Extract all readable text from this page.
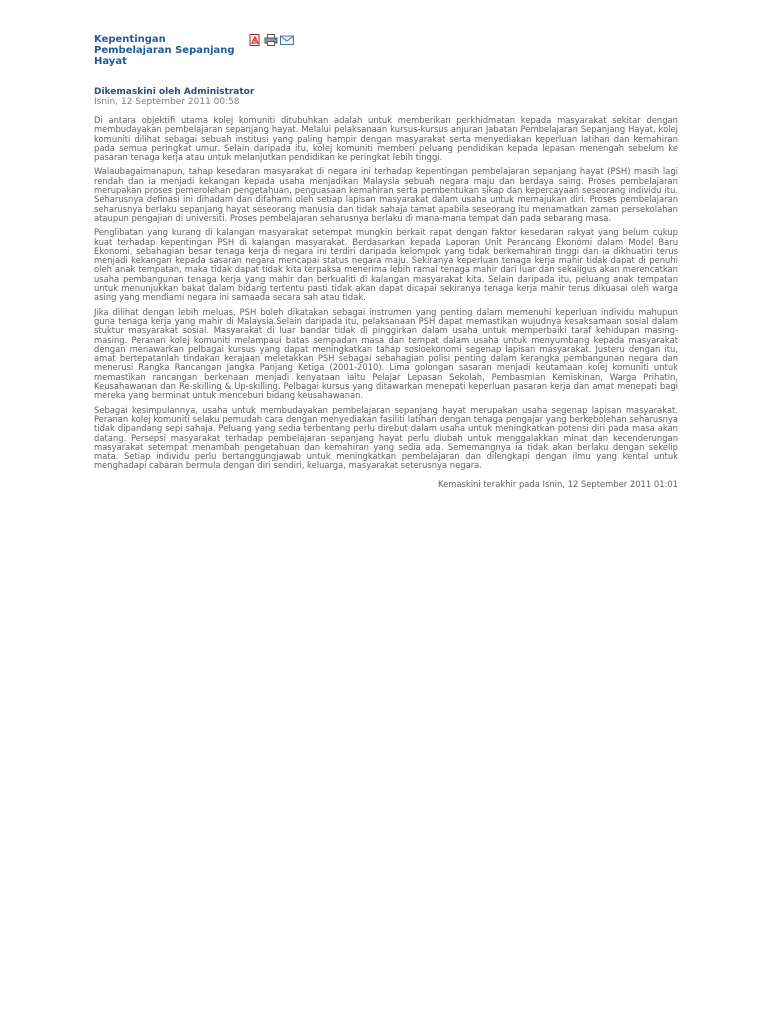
Kepentingan Pembelajaran Sepanjang Hayat
Dikemaskini oleh Administrator
Isnin, 12 September 2011 00:58

Di antara objektifi utama kolej komuniti ditubuhkan adalah untuk memberikan perkhidmatan kepada masyarakat sekitar dengan membudayakan pembelajaran sepanjang hayat. Melalui pelaksanaan kursus-kursus anjuran Jabatan Pembelajaran Sepanjang Hayat, kolej komuniti dilihat sebagai sebuah institusi yang paling hampir dengan masyarakat serta menyediakan keperluan latihan dan kemahiran pada semua peringkat umur. Selain daripada itu, kolej komuniti memberi peluang pendidikan kepada lepasan menengah sebelum ke pasaran tenaga kerja atau untuk melanjutkan pendidikan ke peringkat lebih tinggi.

Walaubagaimanapun, tahap kesedaran masyarakat di negara ini terhadap kepentingan pembelajaran sepanjang hayat (PSH) masih lagi rendah dan ia menjadi kekangan kepada usaha menjadikan Malaysia sebuah negara maju dan berdaya saing. Proses pembelajaran merupakan proses pemerolehan pengetahuan, penguasaan kemahiran serta pembentukan sikap dan kepercayaan seseorang individu itu. Seharusnya definasi ini dihadam dan difahami oleh setiap lapisan masyarakat dalam usaha untuk memajukan diri. Proses pembelajaran seharusnya berlaku sepanjang hayat seseorang manusia dan tidak sahaja tamat apabila seseorang itu menamatkan zaman persekolahan ataupun pengajian di universiti. Proses pembelajaran seharusnya berlaku di mana-mana tempat dan pada sebarang masa.

Penglibatan yang kurang di kalangan masyarakat setempat mungkin berkait rapat dengan faktor kesedaran rakyat yang belum cukup kuat terhadap kepentingan PSH di kalangan masyarakat. Berdasarkan kepada Laporan Unit Perancang Ekonomi dalam Model Baru Ekonomi, sebahagian besar tenaga kerja di negara ini terdiri daripada kelompok yang tidak berkemahiran tinggi dan ia dikhuatiri terus menjadi kekangan kepada sasaran negara mencapai status negara maju. Sekiranya keperluan tenaga kerja mahir tidak dapat di penuhi oleh anak tempatan, maka tidak dapat tidak kita terpaksa menerima lebih ramai tenaga mahir dari luar dan sekaligus akan merencatkan usaha pembangunan tenaga kerja yang mahir dan berkualiti di kalangan masyarakat kita. Selain daripada itu, peluang anak tempatan untuk menunjukkan bakat dalam bidang tertentu pasti tidak akan dapat dicapai sekiranya tenaga kerja mahir terus dikuasai oleh warga asing yang mendiami negara ini samaada secara sah atau tidak.

Jika dilihat dengan lebih meluas, PSH boleh dikatakan sebagai instrumen yang penting dalam memenuhi keperluan individu mahupun guna tenaga kerja yang mahir di Malaysia.Selain daripada itu, pelaksanaan PSH dapat memastikan wujudnya kesaksamaan sosial dalam stuktur masyarakat sosial. Masyarakat di luar bandar tidak di pinggirkan dalam usaha untuk memperbaiki taraf kehidupan masing-masing. Peranan kolej komuniti melampaui batas sempadan masa dan tempat dalam usaha untuk menyumbang kepada masyarakat dengan menawarkan pelbagai kursus yang dapat meningkatkan tahap sosioekonomi segenap lapisan masyarakat. Justeru dengan itu, amat bertepatanlah tindakan kerajaan meletakkan PSH sebagai sebahagian polisi penting dalam kerangka pembangunan negara dan menerusi Rangka Rancangan Jangka Panjang Ketiga (2001-2010). Lima golongan sasaran menjadi keutamaan kolej komuniti untuk memastikan rancangan berkenaan menjadi kenyataan iaitu Pelajar Lepasan Sekolah, Pembasmian Kemiskinan, Warga Prihatin, Keusahawanan dan Re-skilling & Up-skilling. Pelbagai kursus yang ditawarkan menepati keperluan pasaran kerja dan amat menepati bagi mereka yang berminat untuk menceburi bidang keusahawanan.

Sebagai kesimpulannya, usaha untuk membudayakan pembelajaran sepanjang hayat merupakan usaha segenap lapisan masyarakat. Peranan kolej komuniti selaku pemudah cara dengan menyediakan fasiliti latihan dengan tenaga pengajar yang berkebolehan seharusnya tidak dipandang sepi sahaja. Peluang yang sedia terbentang perlu direbut dalam usaha untuk meningkatkan potensi diri pada masa akan datang. Persepsi masyarakat terhadap pembelajaran sepanjang hayat perlu diubah untuk menggalakkan minat dan kecenderungan masyarakat setempat menambah pengetahuan dan kemahiran yang sedia ada. Sememangnya ia tidak akan berlaku dengan sekelip mata. Setiap individu perlu bertanggungjawab untuk meningkatkan pembelajaran dan dilengkapi dengan ilmu yang kental untuk menghadapi cabaran bermula dengan diri sendiri, keluarga, masyarakat seterusnya negara.

Kemaskini terakhir pada Isnin, 12 September 2011 01:01
